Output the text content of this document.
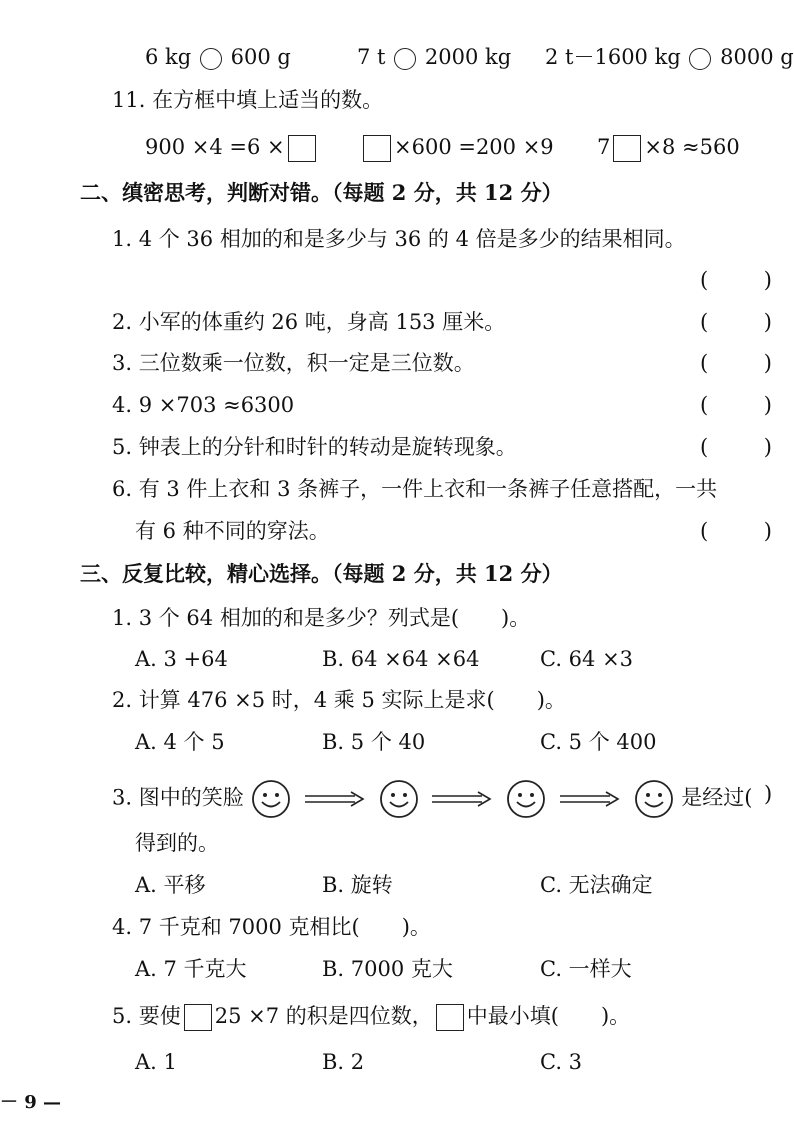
6 kg 600 g	7 t 2000 kg 2 t－1600 kg 8000 g
11. 在方框中填上适当的数。
900 ×4 =6 ×	×600 =200 ×9 7 ×8 ≈560
二、缜密思考，判断对错。（每题 2 分，共 12 分）
1. 4 个 36 相加的和是多少与 36 的 4 倍是多少的结果相同。
(	)
2. 小军的体重约 26 吨，身高 153 厘米。	(	)
3. 三位数乘一位数，积一定是三位数。	(	)
4. 9 ×703 ≈6300	(	)
5. 钟表上的分针和时针的转动是旋转现象。	(	)
6. 有 3 件上衣和 3 条裤子，一件上衣和一条裤子任意搭配，一共
有 6 种不同的穿法。	(	)
三、反复比较，精心选择。（每题 2 分，共 12 分）
1. 3 个 64 相加的和是多少？列式是(　　)。
A. 3 +64	B. 64 ×64 ×64	C. 64 ×3
2. 计算 476 ×5 时，4 乘 5 实际上是求(　　)。
A. 4 个 5	B. 5 个 40	C. 5 个 400
3. 图中的笑脸	是经过( )
得到的。
A. 平移	B. 旋转	C. 无法确定
4. 7 千克和 7000 克相比(　　)。
A. 7 千克大	B. 7000 克大	C. 一样大
5. 要使 25 ×7 的积是四位数， 中最小填(　　)。
A. 1	B. 2	C. 3
－ 9 —
